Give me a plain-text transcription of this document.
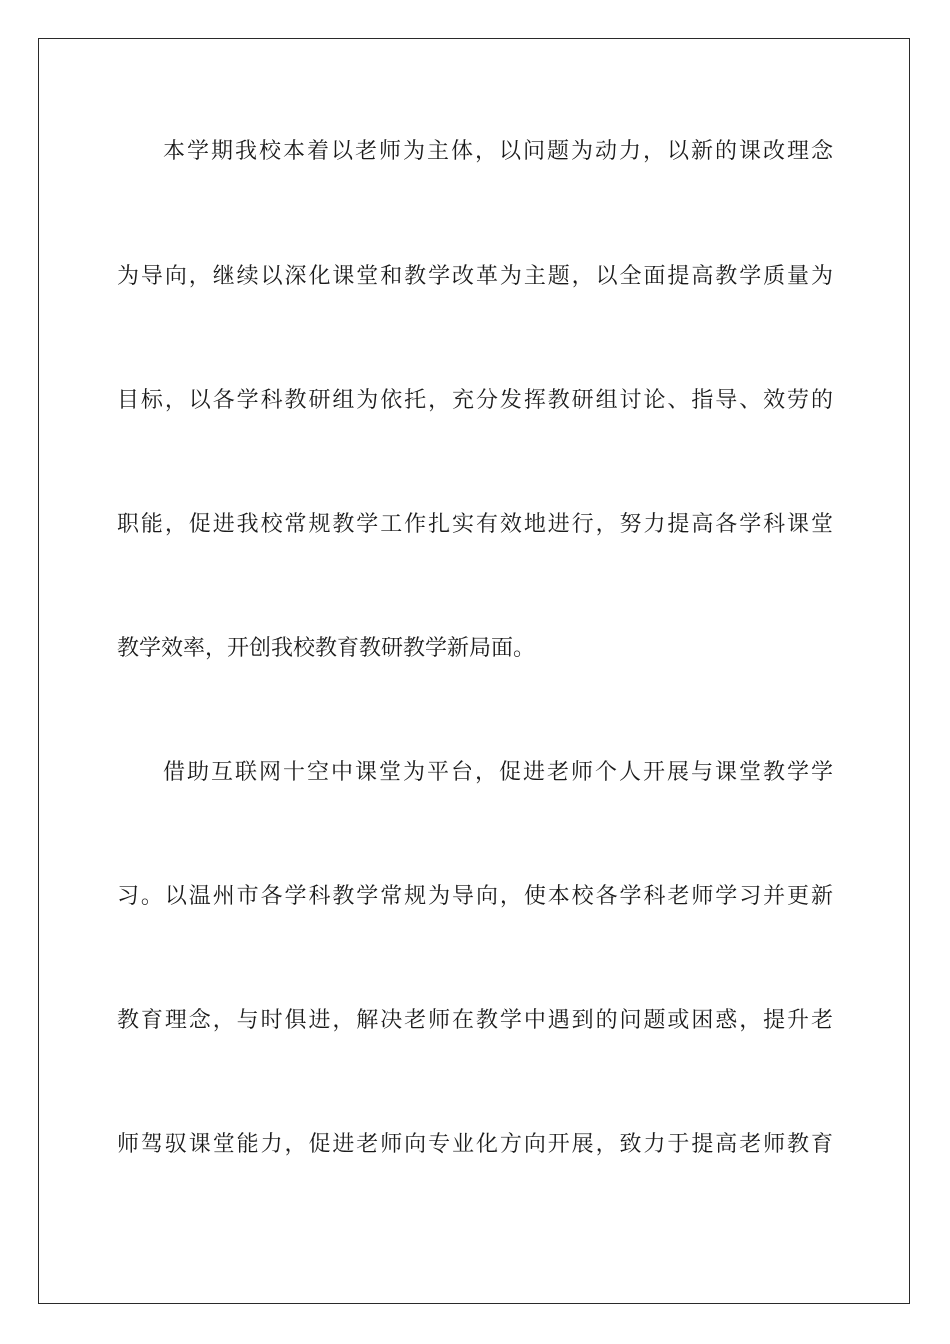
本学期我校本着以老师为主体，以问题为动力，以新的课改理念
为导向，继续以深化课堂和教学改革为主题，以全面提高教学质量为
目标，以各学科教研组为依托，充分发挥教研组讨论、指导、效劳的
职能，促进我校常规教学工作扎实有效地进行，努力提高各学科课堂
教学效率，开创我校教育教研教学新局面。
借助互联网十空中课堂为平台，促进老师个人开展与课堂教学学
习。以温州市各学科教学常规为导向，使本校各学科老师学习并更新
教育理念，与时俱进，解决老师在教学中遇到的问题或困惑，提升老
师驾驭课堂能力，促进老师向专业化方向开展，致力于提高老师教育
